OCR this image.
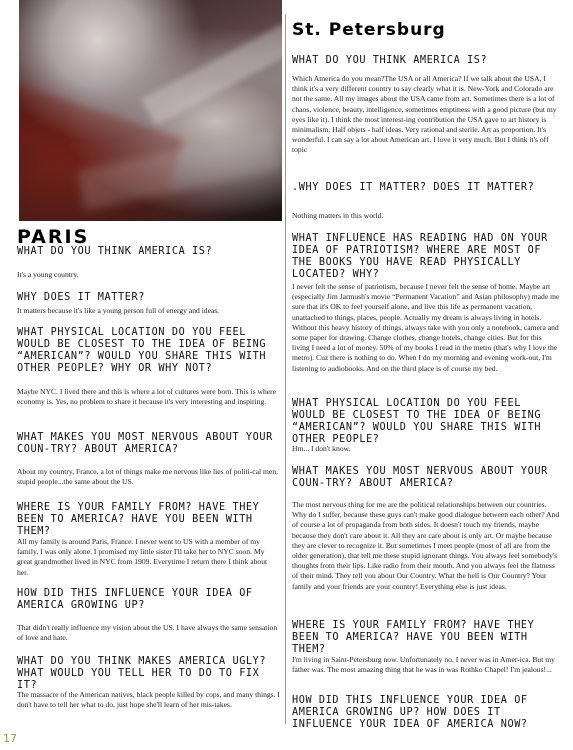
PARIS

WHAT DO YOU THINK AMERICA IS?

It's a young country.

WHY DOES IT MATTER?

It matters because it's like a young person full of energy and ideas.

WHAT PHYSICAL LOCATION DO YOU FEEL WOULD BE CLOSEST TO THE IDEA OF BEING “AMERICAN”? WOULD YOU SHARE THIS WITH OTHER PEOPLE? WHY OR WHY NOT?

Maybe NYC. I lived there and this is where a lot of cultures were born. This is where economy is. Yes, no problem to share it because it's very interesting and inspiring.

WHAT MAKES YOU MOST NERVOUS ABOUT YOUR COUN-TRY? ABOUT AMERICA?

About my country, France, a lot of things make me nervous like lies of politi-cal men, stupid people...the same about the US.

WHERE IS YOUR FAMILY FROM? HAVE THEY BEEN TO AMERICA? HAVE YOU BEEN WITH THEM?

All my family is around Paris, France. I never went to US with a member of my family, I was only alone. I promised my little sister I'll take her to NYC soon. My great grandmother lived in NYC from 1909. Everytime I return there I think about her.

HOW DID THIS INFLUENCE YOUR IDEA OF AMERICA GROWING UP?

That didn't really influence my vision about the US. I have always the same sensation of love and hate.

WHAT DO YOU THINK MAKES AMERICA UGLY? WHAT WOULD YOU TELL HER TO DO TO FIX IT?

The massacre of the American natives, black people killed by cops, and many things. I don't have to tell her what to do, just hope she'll learn of her mis-takes.

St. Petersburg

WHAT DO YOU THINK AMERICA IS?

Which America do you mean?The USA or all America? If we talk about the USA, I think it's a very different country to say clearly what it is. New-York and Colorado are not the same. All my images about the USA came from art. Sometimes there is a lot of chaos, violence, beauty, intelligence, sometimes emptiness with a good picture (but my eyes like it). I think the most interest-ing contribution the USA gave to art history is minimalism. Half objets - half ideas. Very rational and sterile. Art as proportion. It's wonderful. I can say a lot about American art. I love it very much. But I think it's off topic

.WHY DOES IT MATTER? DOES IT MATTER?

Nothing matters in this world.

WHAT INFLUENCE HAS READING HAD ON YOUR IDEA OF PATRIOTISM? WHERE ARE MOST OF THE BOOKS YOU HAVE READ PHYSICALLY LOCATED? WHY?

I never felt the sense of patriotism, because I never felt the sense of home. Maybe art (especially Jim Jarmush's movie “Permanent Vacation” and Asian philosophy) made me sure that it's OK to feel yourself alone, and live this life as permanent vacation, unattached to things, places, people. Actually my dream is always living in hotels. Without this heavy history of things, always take with you only a notebook, camera and some paper for drawing. Change clothes, change hotels, change cities. But for this living I need a lot of money. 50% of my books I read in the metro (that's why I love the metro). Cuz there is nothing to do. When I do my morning and evening work-out, I'm listening to audiobooks. And on the third place is of course my bed.

WHAT PHYSICAL LOCATION DO YOU FEEL WOULD BE CLOSEST TO THE IDEA OF BEING “AMERICAN”? WOULD YOU SHARE THIS WITH OTHER PEOPLE?

Hm... I don't know.

WHAT MAKES YOU MOST NERVOUS ABOUT YOUR COUN-TRY? ABOUT AMERICA?

The most nervous thing for me are the political relationships between our countries. Why do I suffer, because these guys can't make good dialogue between each other? And of course a lot of propaganda from both sides. It doesn't touch my friends, maybe because they don't care about it. All they are care about is only art. Or maybe because they are clever to recognize it. But sometimes I meet people (most of all are from the older generation), that tell me these stupid ignorant things. You always feel somebody's thoughts from their lips. Like radio from their mouth. And you always feel the flatness of their mind. They tell you about Our Country. What the hell is Our Country? Your family and your friends are your country! Everything else is just ideas.

WHERE IS YOUR FAMILY FROM? HAVE THEY BEEN TO AMERICA? HAVE YOU BEEN WITH THEM?

I'm living in Saint-Petersburg now. Unfortunately no, I never was in Amer-ica. But my father was. The most amazing thing that he was in was Rothko Chapel! I'm jealous!...

HOW DID THIS INFLUENCE YOUR IDEA OF AMERICA GROWING UP? HOW DOES IT INFLUENCE YOUR IDEA OF AMERICA NOW?

17
